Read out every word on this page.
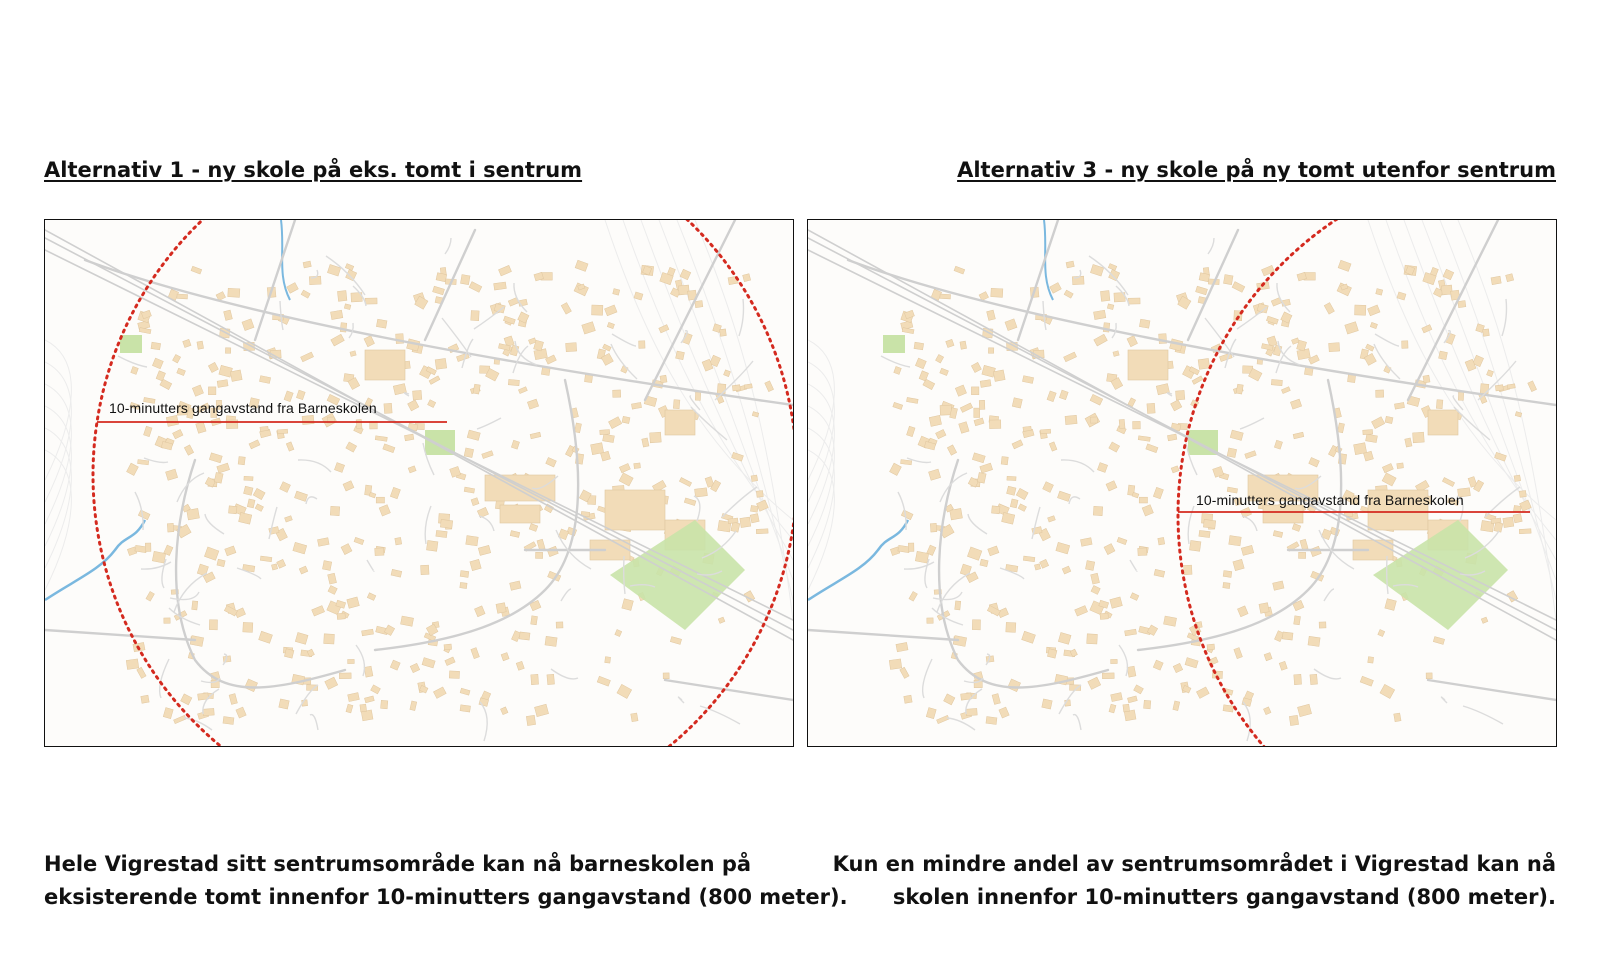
Alternativ 1 - ny skole på eks. tomt i sentrum	Alternativ 3 - ny skole på ny tomt utenfor sentrum
10-minutters gangavstand fra Barneskolen
10-minutters gangavstand fra Barneskolen
Hele Vigrestad sitt sentrumsområde kan nå barneskolen på
eksisterende tomt innenfor 10-minutters gangavstand (800 meter).
Kun en mindre andel av sentrumsområdet i Vigrestad kan nå
skolen innenfor 10-minutters gangavstand (800 meter).
